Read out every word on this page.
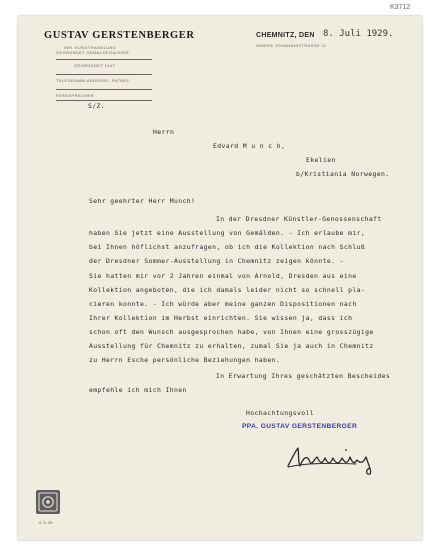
K3712
GUSTAV GERSTENBERGER
INH. KUNSTHANDLUNG
GEGRÜNDET GEMÄLDEGALERIE
GEGRÜNDET 1847
TELEGRAMM-ADRESSE: PATHEE
FERNSPRECHER
CHEMNITZ, DEN
INNERE JOHANNISSTRASSE 11
8. Juli 1929.
S/Z.
Herrn
Edvard M u n c h,
Ekelien
b/Kristiania Norwegen.
Sehr geehrter Herr Munch!
In der Dresdner Künstler-Genossenschaft
haben Sie jetzt eine Ausstellung von Gemälden. - Ich erlaube mir,
bei Ihnen höflichst anzufragen, ob ich die Kollektion nach Schluß
der Dresdner Sommer-Ausstellung in Chemnitz zeigen könnte. -
Sie hatten mir vor 2 Jahren einmal von Arnold, Dresden aus eine
Kollektion angeboten, die ich damals leider nicht so schnell pla-
cieren konnte. - Ich würde aber meine ganzen Dispositionen nach
Ihrer Kollektion im Herbst einrichten. Sie wissen ja, dass ich
schon oft den Wunsch ausgesprochen habe, von Ihnen eine grosszügige
Ausstellung für Chemnitz zu erhalten, zumal Sie ja auch in Chemnitz
zu Herrn Esche persönliche Beziehungen haben.
In Erwartung Ihres geschätzten Bescheides
empfehle ich mich Ihnen
Hochachtungsvoll
PPA. GUSTAV GERSTENBERGER
2. 5. 29.
